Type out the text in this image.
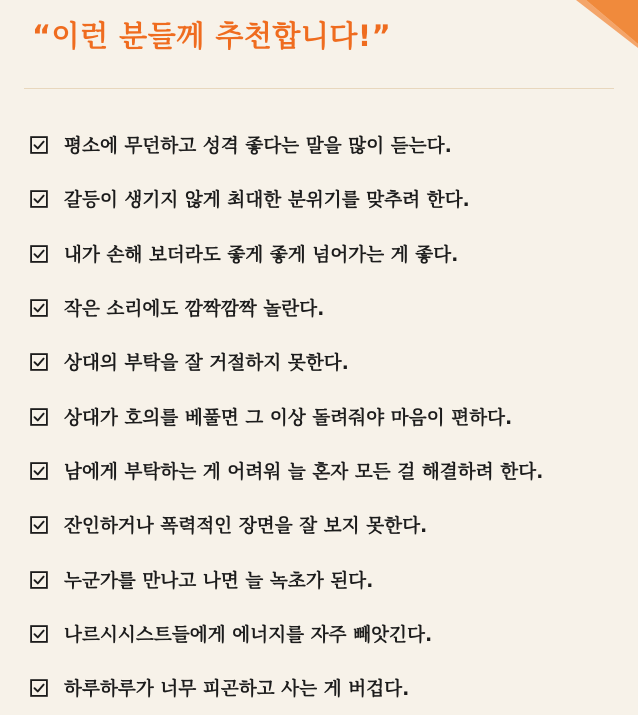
“이런 분들께 추천합니다!”
평소에 무던하고 성격 좋다는 말을 많이 듣는다.
갈등이 생기지 않게 최대한 분위기를 맞추려 한다.
내가 손해 보더라도 좋게 좋게 넘어가는 게 좋다.
작은 소리에도 깜짝깜짝 놀란다.
상대의 부탁을 잘 거절하지 못한다.
상대가 호의를 베풀면 그 이상 돌려줘야 마음이 편하다.
남에게 부탁하는 게 어려워 늘 혼자 모든 걸 해결하려 한다.
잔인하거나 폭력적인 장면을 잘 보지 못한다.
누군가를 만나고 나면 늘 녹초가 된다.
나르시시스트들에게 에너지를 자주 빼앗긴다.
하루하루가 너무 피곤하고 사는 게 버겁다.
